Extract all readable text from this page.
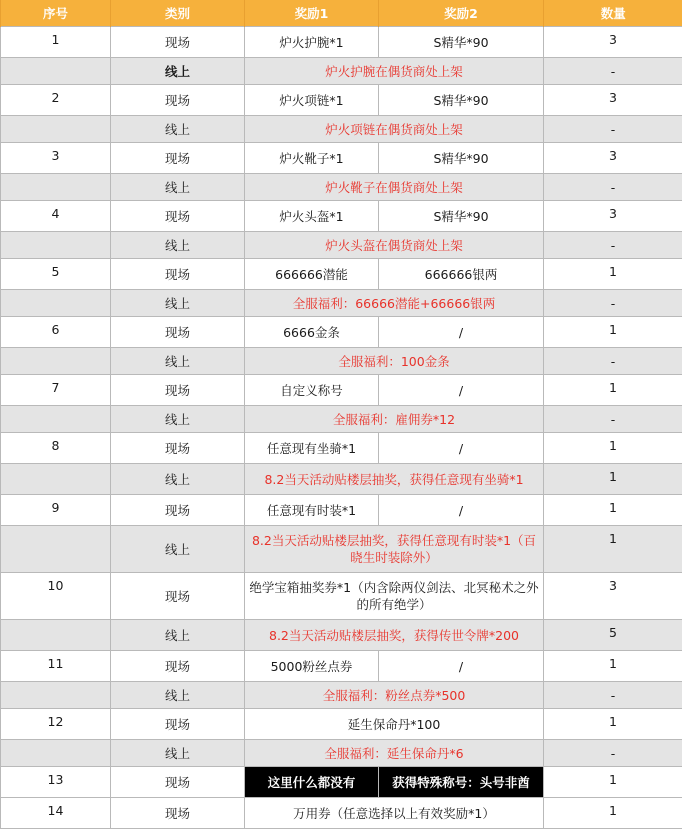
序号	类别	奖励1	奖励2	数量
1	现场	炉火护腕*1	S精华*90	3
	线上	炉火护腕在偶货商处上架		-
2	现场	炉火项链*1	S精华*90	3
	线上	炉火项链在偶货商处上架		-
3	现场	炉火靴子*1	S精华*90	3
	线上	炉火靴子在偶货商处上架		-
4	现场	炉火头盔*1	S精华*90	3
	线上	炉火头盔在偶货商处上架		-
5	现场	666666潜能	666666银两	1
	线上	全服福利：66666潜能+66666银两		-
6	现场	6666金条	/	1
	线上	全服福利：100金条		-
7	现场	自定义称号	/	1
	线上	全服福利：雇佣券*12		-
8	现场	任意现有坐骑*1	/	1
	线上	8.2当天活动贴楼层抽奖，获得任意现有坐骑*1		1
9	现场	任意现有时装*1	/	1
	线上	8.2当天活动贴楼层抽奖，获得任意现有时装*1（百晓生时装除外）		1
10	现场	绝学宝箱抽奖券*1（内含除两仪剑法、北冥秘术之外的所有绝学）		3
	线上	8.2当天活动贴楼层抽奖，获得传世令牌*200		5
11	现场	5000粉丝点券	/	1
	线上	全服福利：粉丝点券*500		-
12	现场	延生保命丹*100		1
	线上	全服福利：延生保命丹*6		-
13	现场	这里什么都没有	获得特殊称号：头号非酋	1
14	现场	万用券（任意选择以上有效奖励*1）		1
